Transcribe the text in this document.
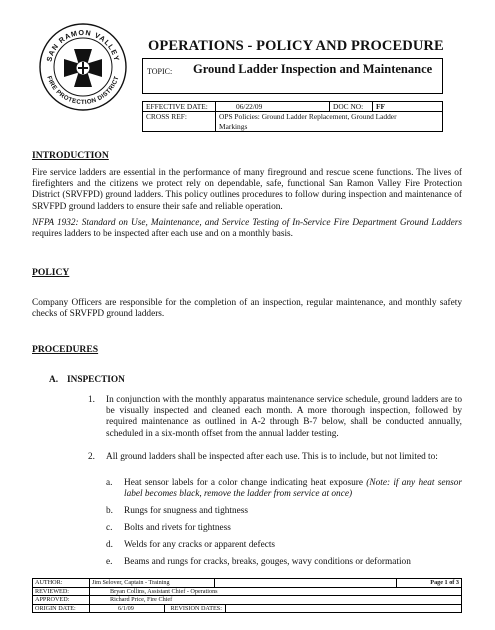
SAN RAMON VALLEY
FIRE PROTECTION DISTRICT
OPERATIONS - POLICY AND PROCEDURE
TOPIC: Ground Ladder Inspection and Maintenance
EFFECTIVE DATE:	06/22/09	DOC NO:	FF
CROSS REF:	OPS Policies: Ground Ladder Replacement, Ground Ladder
Markings		
INTRODUCTION
Fire service ladders are essential in the performance of many fireground and rescue scene functions. The lives of firefighters and the citizens we protect rely on dependable, safe, functional San Ramon Valley Fire Protection District (SRVFPD) ground ladders. This policy outlines procedures to follow during inspection and maintenance of SRVFPD ground ladders to ensure their safe and reliable operation.
NFPA 1932: Standard on Use, Maintenance, and Service Testing of In-Service Fire Department Ground Ladders requires ladders to be inspected after each use and on a monthly basis.
POLICY
Company Officers are responsible for the completion of an inspection, regular maintenance, and monthly safety checks of SRVFPD ground ladders.
PROCEDURES
A. INSPECTION
1. In conjunction with the monthly apparatus maintenance service schedule, ground ladders are to be visually inspected and cleaned each month. A more thorough inspection, followed by required maintenance as outlined in A-2 through B-7 below, shall be conducted annually, scheduled in a six-month offset from the annual ladder testing.
2. All ground ladders shall be inspected after each use. This is to include, but not limited to:
a. Heat sensor labels for a color change indicating heat exposure (Note: if any heat sensor label becomes black, remove the ladder from service at once)
b. Rungs for snugness and tightness
c. Bolts and rivets for tightness
d. Welds for any cracks or apparent defects
e. Beams and rungs for cracks, breaks, gouges, wavy conditions or deformation
AUTHOR:	Jim Selover, Captain - Training		Page 1 of 3
REVIEWED:	Bryan Collins, Assistant Chief - Operations		
APPROVED:	Richard Price, Fire Chief		
ORIGIN DATE:	6/1/09 REVISION DATES:		
